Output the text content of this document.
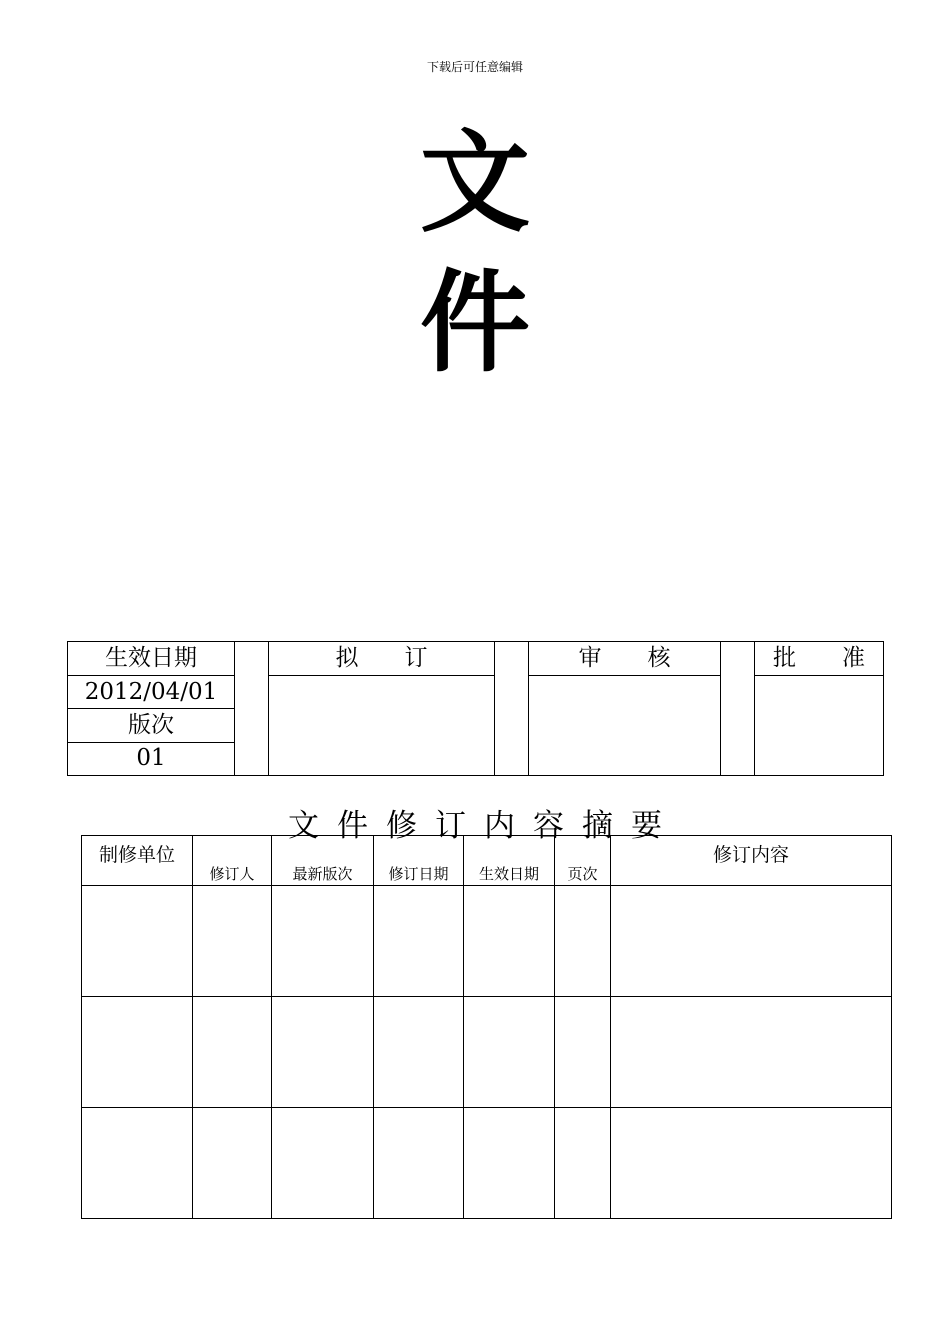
下载后可任意编辑
文
件
生效日期		拟　　订		审　　核		批　　准
2012/04/01						
版次						
01						
文件修订内容摘要
制修单位	修订人	最新版次	修订日期	生效日期	页次	修订内容
